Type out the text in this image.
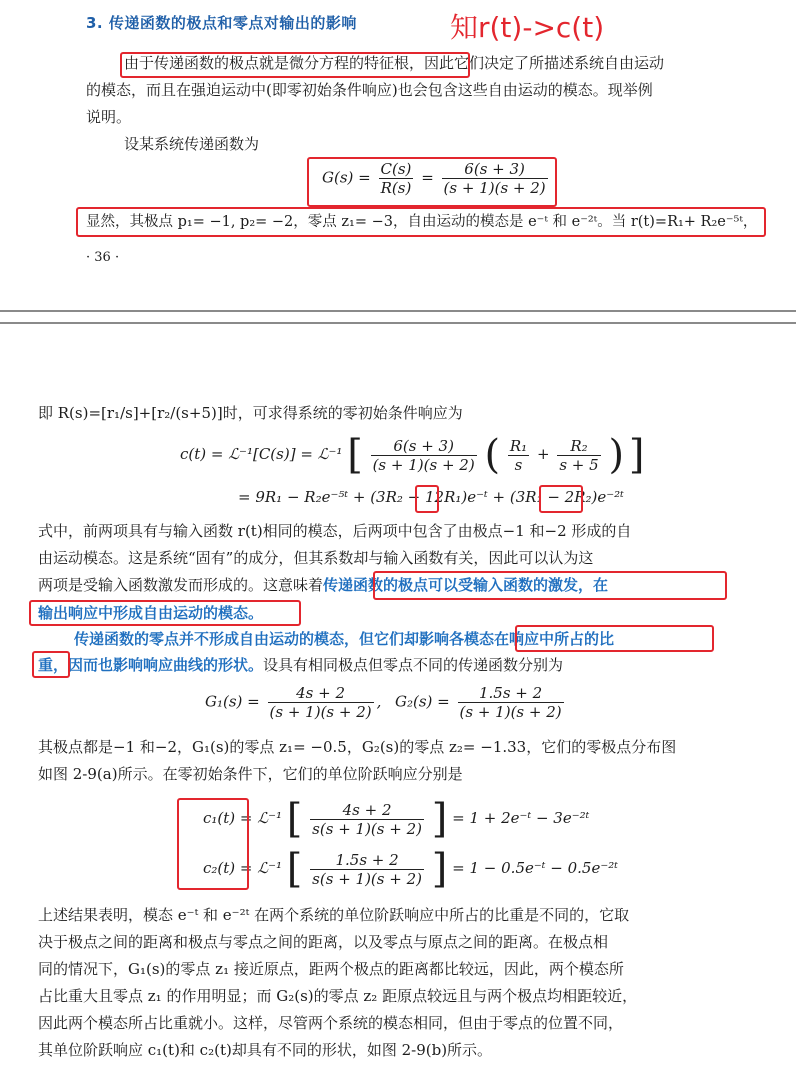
3. 传递函数的极点和零点对输出的影响	知r(t)->c(t)
由于传递函数的极点就是微分方程的特征根，因此它们决定了所描述系统自由运动
的模态，而且在强迫运动中(即零初始条件响应)也会包含这些自由运动的模态。现举例
说明。
设某系统传递函数为
$G(s) = \frac{C(s)}{R(s)} = \frac{6(s + 3)}{(s + 1)(s + 2)}$
显然，其极点 p₁= −1, p₂= −2，零点 z₁= −3，自由运动的模态是 e⁻ᵗ 和 e⁻²ᵗ。当 r(t)=R₁+ R₂e⁻⁵ᵗ，
· 36 ·
即 R(s)=[r₁/s]+[r₂/(s+5)]时，可求得系统的零初始条件响应为
c(t) = ℒ⁻¹[C(s)] = ℒ⁻¹ [ $\frac{6(s + 3)}{(s + 1)(s + 2)}$ ( $\frac{\text{R₁}}{s} + \frac{\text{R₂}}{s + 5}$ ) ]
= 9R₁ − R₂e⁻⁵ᵗ + (3R₂ − 12R₁)e⁻ᵗ + (3R₁ − 2R₂)e⁻²ᵗ
式中，前两项具有与输入函数 r(t)相同的模态，后两项中包含了由极点−1 和−2 形成的自
由运动模态。这是系统“固有”的成分，但其系数却与输入函数有关，因此可以认为这
两项是受输入函数激发而形成的。这意味着传递函数的极点可以受输入函数的激发，在
输出响应中形成自由运动的模态。
传递函数的零点并不形成自由运动的模态，但它们却影响各模态在响应中所占的比
重，因而也影响响应曲线的形状。设具有相同极点但零点不同的传递函数分别为
$G_1(s) = \frac{4s + 2}{(s + 1)(s + 2)}$ , $G_2(s) = \frac{1.5s + 2}{(s + 1)(s + 2)}$
其极点都是−1 和−2，G₁(s)的零点 z₁= −0.5，G₂(s)的零点 z₂= −1.33，它们的零极点分布图
如图 2-9(a)所示。在零初始条件下，它们的单位阶跃响应分别是
c₁(t) = ℒ⁻¹ [ $\frac{4s + 2}{s(s + 1)(s + 2)}$ ] = 1 + 2e⁻ᵗ − 3e⁻²ᵗ
c₂(t) = ℒ⁻¹ [ $\frac{1.5s + 2}{s(s + 1)(s + 2)}$ ] = 1 − 0.5e⁻ᵗ − 0.5e⁻²ᵗ
上述结果表明，模态 e⁻ᵗ 和 e⁻²ᵗ 在两个系统的单位阶跃响应中所占的比重是不同的，它取
决于极点之间的距离和极点与零点之间的距离，以及零点与原点之间的距离。在极点相
同的情况下，G₁(s)的零点 z₁ 接近原点，距两个极点的距离都比较远，因此，两个模态所
占比重大且零点 z₁ 的作用明显；而 G₂(s)的零点 z₂ 距原点较远且与两个极点均相距较近，
因此两个模态所占比重就小。这样，尽管两个系统的模态相同，但由于零点的位置不同，
其单位阶跃响应 c₁(t)和 c₂(t)却具有不同的形状，如图 2-9(b)所示。
